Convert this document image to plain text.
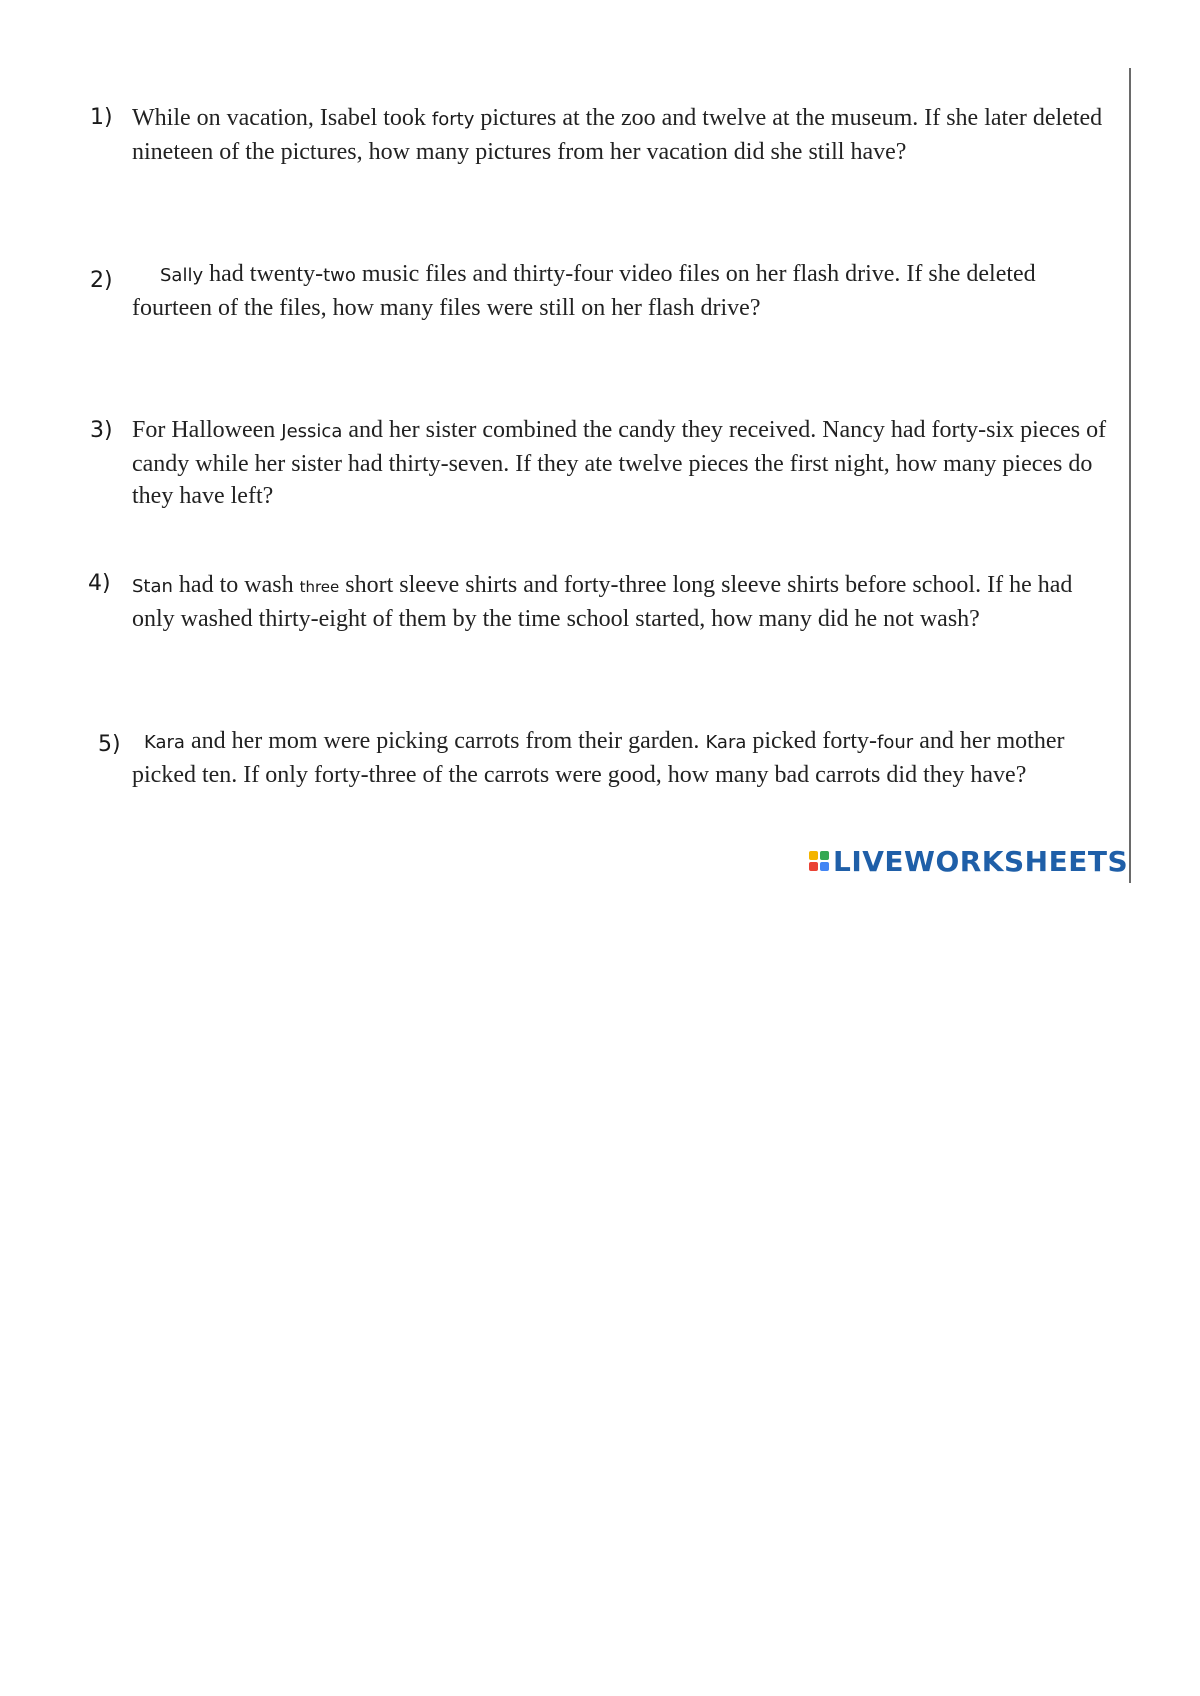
1) While on vacation, Isabel took forty pictures at the zoo and twelve at the museum. If she later deleted nineteen of the pictures, how many pictures from her vacation did she still have?
2)	Sally had twenty-two music files and thirty-four video files on her flash drive. If she deleted fourteen of the files, how many files were still on her flash drive?
3) For Halloween Jessica and her sister combined the candy they received. Nancy had forty-six pieces of candy while her sister had thirty-seven. If they ate twelve pieces the first night, how many pieces do they have left?
4) Stan had to wash three short sleeve shirts and forty-three long sleeve shirts before school. If he had only washed thirty-eight of them by the time school started, how many did he not wash?
5)	Kara and her mom were picking carrots from their garden. Kara picked forty-four and her mother picked ten. If only forty-three of the carrots were good, how many bad carrots did they have?
LIVEWORKSHEETS
